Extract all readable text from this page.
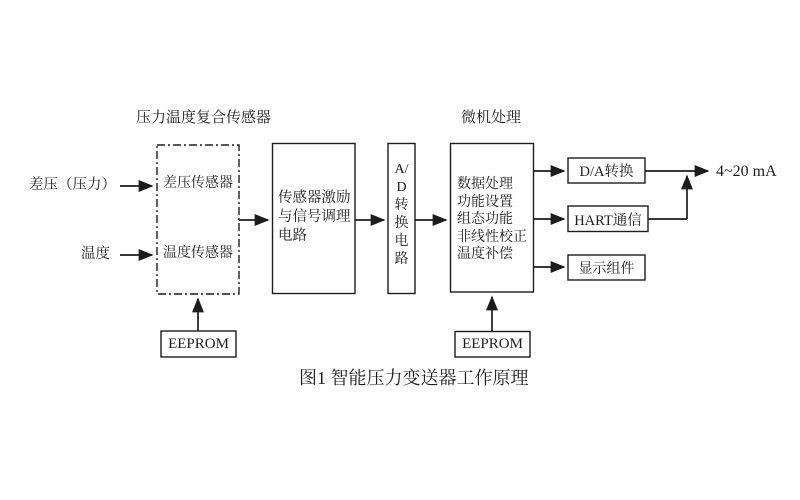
压力温度复合传感器	微机处理
差压（压力）
温度
差压传感器
温度传感器
传感器激励
与信号调理
电路
A/
D
转
换
电
路
数据处理
功能设置
组态功能
非线性校正
温度补偿
D/A转换
HART通信
显示组件
EEPROM	EEPROM
4~20 mA
图1 智能压力变送器工作原理
